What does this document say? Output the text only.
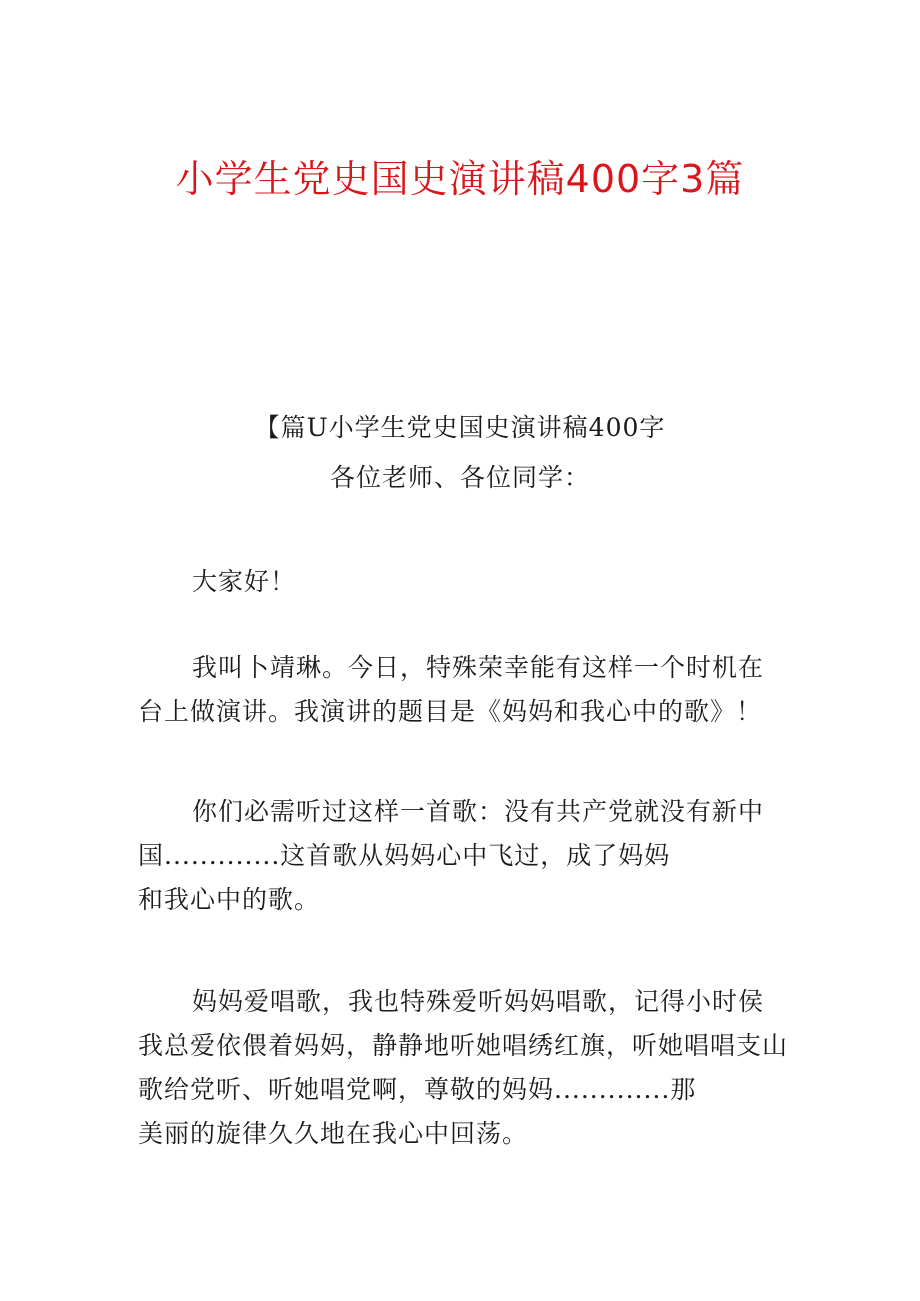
小学生党史国史演讲稿400字3篇
【篇U小学生党史国史演讲稿400字

各位老师、各位同学：

大家好！

我叫卜靖琳。今日，特殊荣幸能有这样一个时机在
台上做演讲。我演讲的题目是《妈妈和我心中的歌》！

你们必需听过这样一首歌：没有共产党就没有新中
国.............这首歌从妈妈心中飞过，成了妈妈
和我心中的歌。

妈妈爱唱歌，我也特殊爱听妈妈唱歌，记得小时侯
我总爱依偎着妈妈，静静地听她唱绣红旗，听她唱唱支山
歌给党听、听她唱党啊，尊敬的妈妈.............那
美丽的旋律久久地在我心中回荡。
